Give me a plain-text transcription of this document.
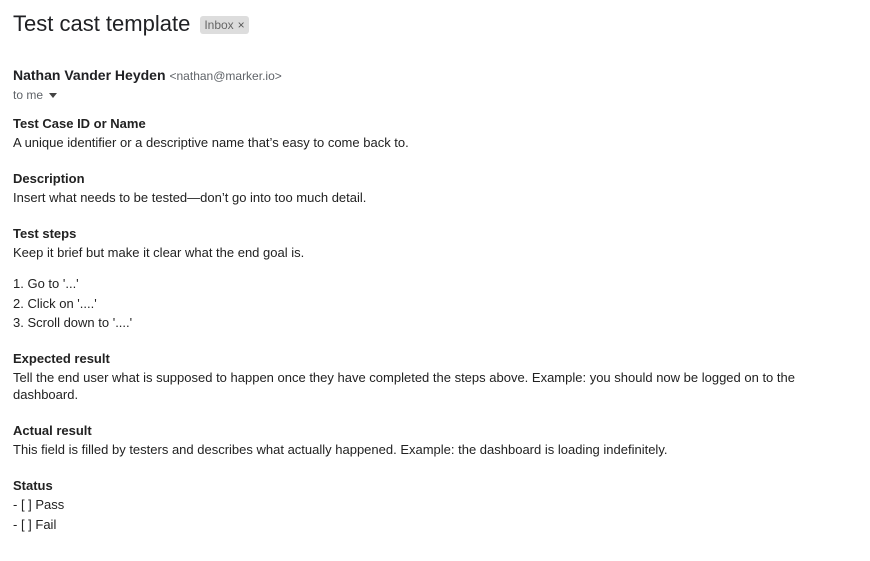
Test cast template Inbox ×
Nathan Vander Heyden <nathan@marker.io>
to me
Test Case ID or Name

A unique identifier or a descriptive name that’s easy to come back to.

Description

Insert what needs to be tested—don’t go into too much detail.

Test steps

Keep it brief but make it clear what the end goal is.

1. Go to '...'
2. Click on '....'
3. Scroll down to '....'
Expected result

Tell the end user what is supposed to happen once they have completed the steps above. Example: you should now be logged on to the dashboard.

Actual result

This field is filled by testers and describes what actually happened. Example: the dashboard is loading indefinitely.

Status
- [ ] Pass
- [ ] Fail
